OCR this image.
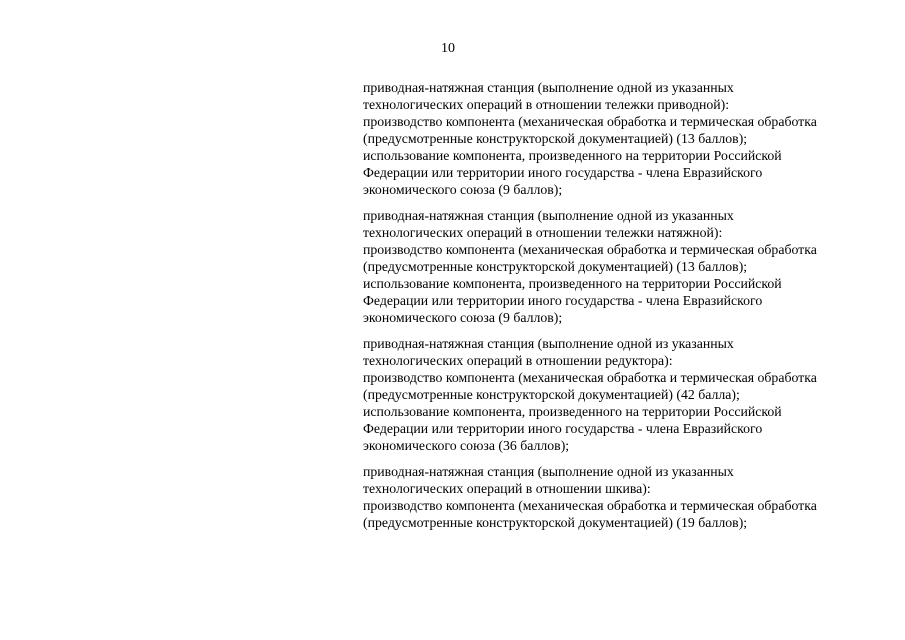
10
приводная-натяжная станция (выполнение одной из указанных
технологических операций в отношении тележки приводной):
производство компонента (механическая обработка и термическая обработка
(предусмотренные конструкторской документацией) (13 баллов);
использование компонента, произведенного на территории Российской
Федерации или территории иного государства - члена Евразийского
экономического союза (9 баллов);
приводная-натяжная станция (выполнение одной из указанных
технологических операций в отношении тележки натяжной):
производство компонента (механическая обработка и термическая обработка
(предусмотренные конструкторской документацией) (13 баллов);
использование компонента, произведенного на территории Российской
Федерации или территории иного государства - члена Евразийского
экономического союза (9 баллов);
приводная-натяжная станция (выполнение одной из указанных
технологических операций в отношении редуктора):
производство компонента (механическая обработка и термическая обработка
(предусмотренные конструкторской документацией) (42 балла);
использование компонента, произведенного на территории Российской
Федерации или территории иного государства - члена Евразийского
экономического союза (36 баллов);
приводная-натяжная станция (выполнение одной из указанных
технологических операций в отношении шкива):
производство компонента (механическая обработка и термическая обработка
(предусмотренные конструкторской документацией) (19 баллов);
